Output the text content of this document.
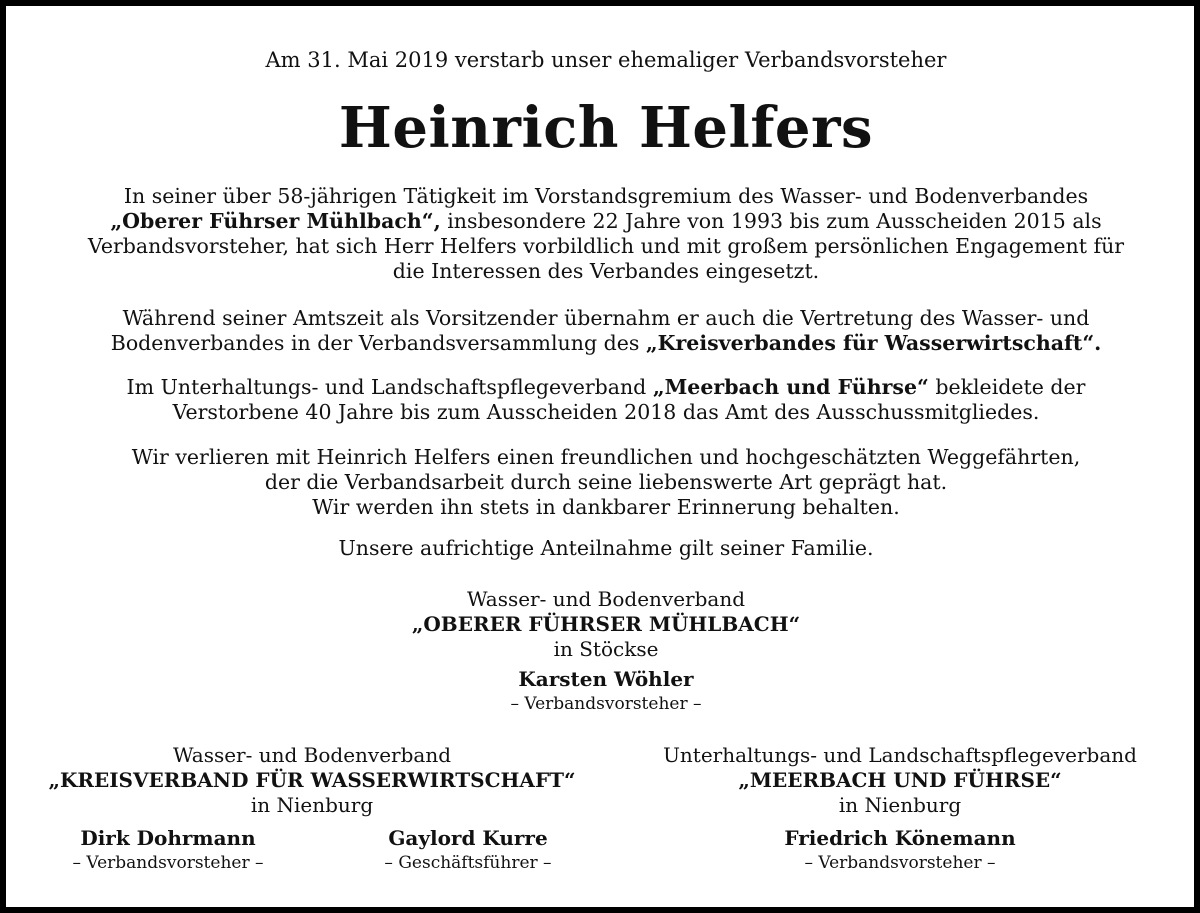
Am 31. Mai 2019 verstarb unser ehemaliger Verbandsvorsteher
Heinrich Helfers
In seiner über 58-jährigen Tätigkeit im Vorstandsgremium des Wasser- und Bodenverbandes
„Oberer Führser Mühlbach“, insbesondere 22 Jahre von 1993 bis zum Ausscheiden 2015 als
Verbandsvorsteher, hat sich Herr Helfers vorbildlich und mit großem persönlichen Engagement für
die Interessen des Verbandes eingesetzt.
Während seiner Amtszeit als Vorsitzender übernahm er auch die Vertretung des Wasser- und
Bodenverbandes in der Verbandsversammlung des „Kreisverbandes für Wasserwirtschaft“.
Im Unterhaltungs- und Landschaftspflegeverband „Meerbach und Führse“ bekleidete der
Verstorbene 40 Jahre bis zum Ausscheiden 2018 das Amt des Ausschussmitgliedes.
Wir verlieren mit Heinrich Helfers einen freundlichen und hochgeschätzten Weggefährten,
der die Verbandsarbeit durch seine liebenswerte Art geprägt hat.
Wir werden ihn stets in dankbarer Erinnerung behalten.
Unsere aufrichtige Anteilnahme gilt seiner Familie.
Wasser- und Bodenverband
„OBERER FÜHRSER MÜHLBACH“
in Stöckse
Karsten Wöhler
– Verbandsvorsteher –
Wasser- und Bodenverband
„KREISVERBAND FÜR WASSERWIRTSCHAFT“
in Nienburg
Unterhaltungs- und Landschaftspflegeverband
„MEERBACH UND FÜHRSE“
in Nienburg
Dirk Dohrmann
– Verbandsvorsteher –
Gaylord Kurre
– Geschäftsführer –
Friedrich Könemann
– Verbandsvorsteher –
